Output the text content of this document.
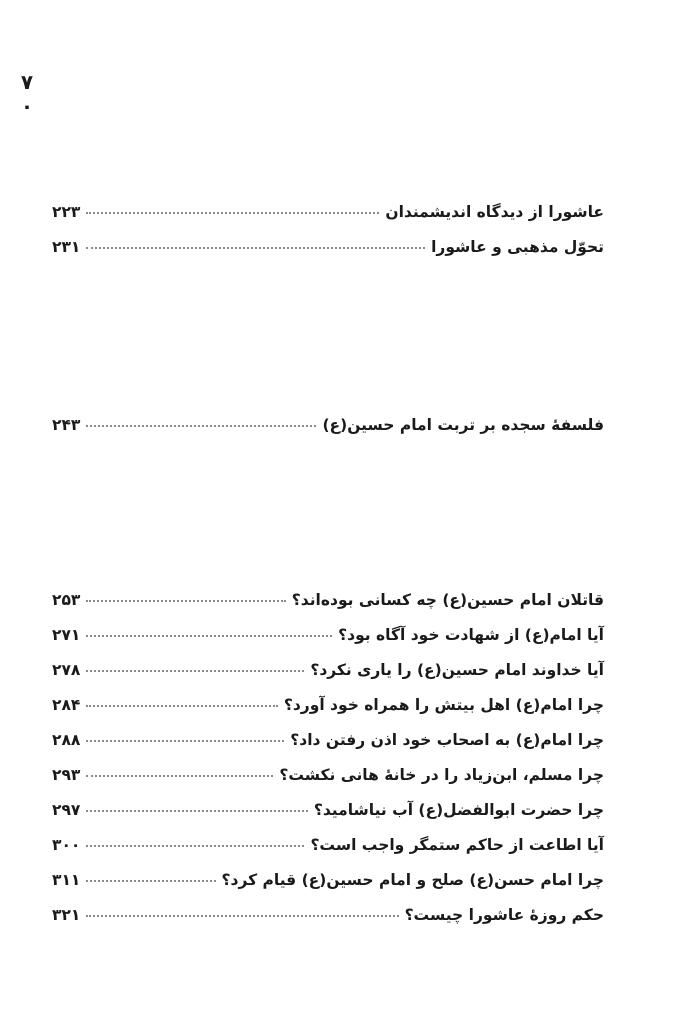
۷۰
عاشورا از دیدگاه اندیشمندان
۲۲۳
تحوّل مذهبی و عاشورا
۲۳۱
فلسفۀ سجده بر تربت امام حسین(ع)
۲۴۳
قاتلان امام حسین(ع) چه کسانی بوده‌اند؟
۲۵۳
آیا امام(ع) از شهادت خود آگاه بود؟
۲۷۱
آیا خداوند امام حسین(ع) را یاری نکرد؟
۲۷۸
چرا امام(ع) اهل بیتش را همراه خود آورد؟
۲۸۴
چرا امام(ع) به اصحاب خود اذن رفتن داد؟
۲۸۸
چرا مسلم، ابن‌زیاد را در خانۀ هانی نکشت؟
۲۹۳
چرا حضرت ابوالفضل(ع) آب نیاشامید؟
۲۹۷
آیا اطاعت از حاکم ستمگر واجب است؟
۳۰۰
چرا امام حسن(ع) صلح و امام حسین(ع) قیام کرد؟
۳۱۱
حکم روزۀ عاشورا چیست؟
۳۲۱
